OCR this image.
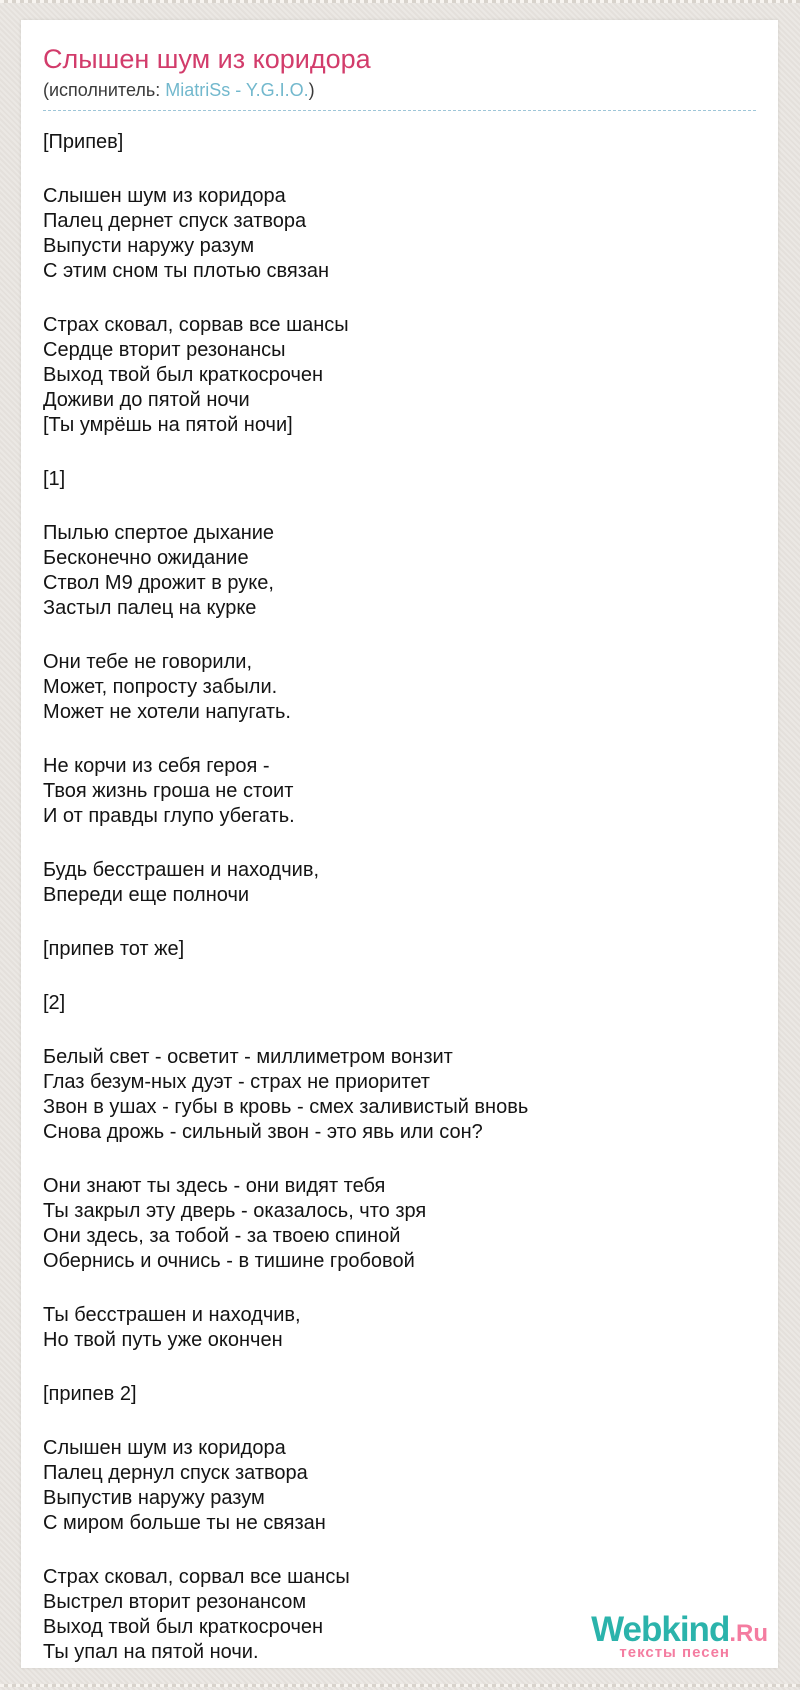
Слышен шум из коридора
(исполнитель: MiatriSs - Y.G.I.O.)

[Припев]

Слышен шум из коридора
Палец дернет спуск затвора
Выпусти наружу разум
С этим сном ты плотью связан

Страх сковал, сорвав все шансы
Сердце вторит резонансы
Выход твой был краткосрочен
Доживи до пятой ночи
[Ты умрёшь на пятой ночи]

[1]

Пылью спертое дыхание
Бесконечно ожидание
Ствол М9 дрожит в руке,
Застыл палец на курке

Они тебе не говорили,
Может, попросту забыли.
Может не хотели напугать.

Не корчи из себя героя -
Твоя жизнь гроша не стоит
И от правды глупо убегать.

Будь бесстрашен и находчив,
Впереди еще полночи

[припев тот же]

[2]

Белый свет - осветит - миллиметром вонзит
Глаз безум-ных дуэт - страх не приоритет
Звон в ушах - губы в кровь - смех заливистый вновь
Снова дрожь - сильный звон - это явь или сон?

Они знают ты здесь - они видят тебя
Ты закрыл эту дверь - оказалось, что зря
Они здесь, за тобой - за твоею спиной
Обернись и очнись - в тишине гробовой

Ты бесстрашен и находчив,
Но твой путь уже окончен

[припев 2]

Слышен шум из коридора
Палец дернул спуск затвора
Выпустив наружу разум
С миром больше ты не связан

Страх сковал, сорвал все шансы
Выстрел вторит резонансом
Выход твой был краткосрочен
Ты упал на пятой ночи.

Webkind.Ru
тексты песен
